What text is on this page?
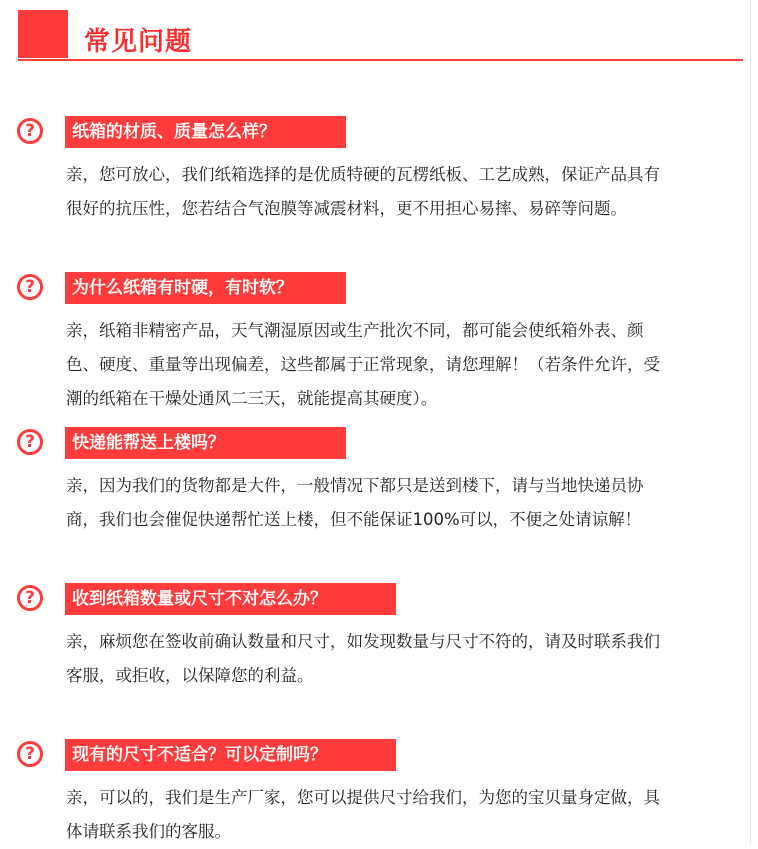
常见问题
?	纸箱的材质、质量怎么样？
亲，您可放心，我们纸箱选择的是优质特硬的瓦楞纸板、工艺成熟，保证产品具有
很好的抗压性，您若结合气泡膜等减震材料，更不用担心易摔、易碎等问题。
?	为什么纸箱有时硬，有时软？
亲，纸箱非精密产品，天气潮湿原因或生产批次不同，都可能会使纸箱外表、颜
色、硬度、重量等出现偏差，这些都属于正常现象，请您理解！（若条件允许，受
潮的纸箱在干燥处通风二三天，就能提高其硬度）。
?	快递能帮送上楼吗？
亲，因为我们的货物都是大件，一般情况下都只是送到楼下，请与当地快递员协
商，我们也会催促快递帮忙送上楼，但不能保证100%可以，不便之处请谅解！
?	收到纸箱数量或尺寸不对怎么办？
亲，麻烦您在签收前确认数量和尺寸，如发现数量与尺寸不符的，请及时联系我们
客服，或拒收，以保障您的利益。
?	现有的尺寸不适合？可以定制吗？
亲，可以的，我们是生产厂家，您可以提供尺寸给我们，为您的宝贝量身定做，具
体请联系我们的客服。
